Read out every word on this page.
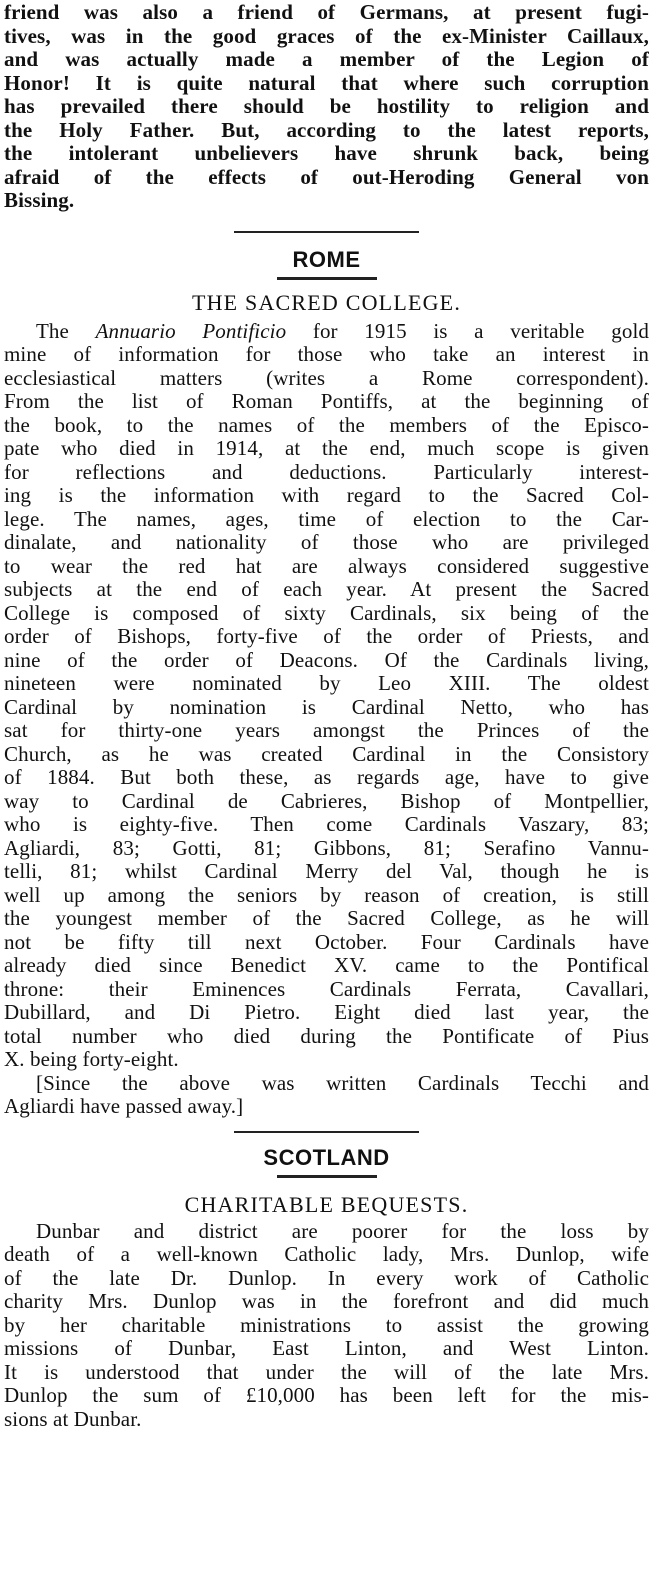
friend was also a friend of Germans, at present fugi-
tives, was in the good graces of the ex-Minister Caillaux,
and was actually made a member of the Legion of
Honor! It is quite natural that where such corruption
has prevailed there should be hostility to religion and
the Holy Father. But, according to the latest reports,
the intolerant unbelievers have shrunk back, being
afraid of the effects of out-Heroding General von
Bissing.
ROME
THE SACRED COLLEGE.
The Annuario Pontificio for 1915 is a veritable gold
mine of information for those who take an interest in
ecclesiastical matters (writes a Rome correspondent).
From the list of Roman Pontiffs, at the beginning of
the book, to the names of the members of the Episco-
pate who died in 1914, at the end, much scope is given
for reflections and deductions. Particularly interest-
ing is the information with regard to the Sacred Col-
lege. The names, ages, time of election to the Car-
dinalate, and nationality of those who are privileged
to wear the red hat are always considered suggestive
subjects at the end of each year. At present the Sacred
College is composed of sixty Cardinals, six being of the
order of Bishops, forty-five of the order of Priests, and
nine of the order of Deacons. Of the Cardinals living,
nineteen were nominated by Leo XIII. The oldest
Cardinal by nomination is Cardinal Netto, who has
sat for thirty-one years amongst the Princes of the
Church, as he was created Cardinal in the Consistory
of 1884. But both these, as regards age, have to give
way to Cardinal de Cabrieres, Bishop of Montpellier,
who is eighty-five. Then come Cardinals Vaszary, 83;
Agliardi, 83; Gotti, 81; Gibbons, 81; Serafino Vannu-
telli, 81; whilst Cardinal Merry del Val, though he is
well up among the seniors by reason of creation, is still
the youngest member of the Sacred College, as he will
not be fifty till next October. Four Cardinals have
already died since Benedict XV. came to the Pontifical
throne: their Eminences Cardinals Ferrata, Cavallari,
Dubillard, and Di Pietro. Eight died last year, the
total number who died during the Pontificate of Pius
X. being forty-eight.
[Since the above was written Cardinals Tecchi and
Agliardi have passed away.]
SCOTLAND
CHARITABLE BEQUESTS.
Dunbar and district are poorer for the loss by
death of a well-known Catholic lady, Mrs. Dunlop, wife
of the late Dr. Dunlop. In every work of Catholic
charity Mrs. Dunlop was in the forefront and did much
by her charitable ministrations to assist the growing
missions of Dunbar, East Linton, and West Linton.
It is understood that under the will of the late Mrs.
Dunlop the sum of £10,000 has been left for the mis-
sions at Dunbar.
